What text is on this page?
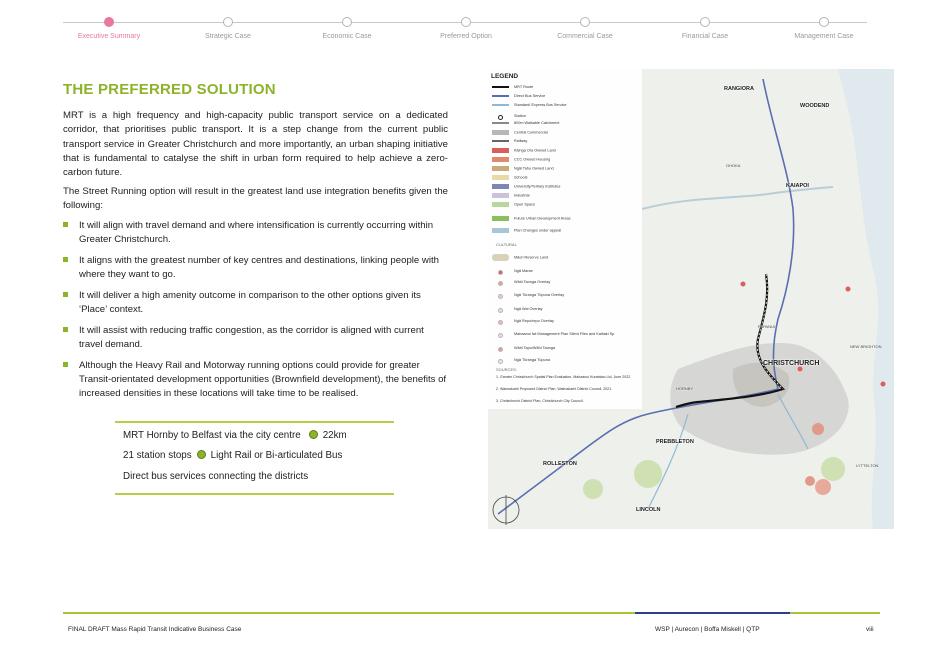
Executive Summary	Strategic Case	Economic Case	Preferred Option	Commercial Case	Financial Case	Management Case
THE PREFERRED SOLUTION

MRT is a high frequency and high-capacity public transport service on a dedicated corridor, that prioritises public transport. It is a step change from the current public transport service in Greater Christchurch and more importantly, an urban shaping initiative that is fundamental to catalyse the shift in urban form required to help achieve a zero-carbon future.

The Street Running option will result in the greatest land use integration benefits given the following:

It will align with travel demand and where intensification is currently occurring within Greater Christchurch.
It aligns with the greatest number of key centres and destinations, linking people with where they want to go.
It will deliver a high amenity outcome in comparison to the other options given its ‘Place’ context.
It will assist with reducing traffic congestion, as the corridor is aligned with current travel demand.
Although the Heavy Rail and Motorway running options could provide for greater Transit-orientated development opportunities (Brownfield development), the benefits of increased densities in these locations will take time to be realised.
MRT Hornby to Belfast via the city centre 22km
21 station stops Light Rail or Bi-articulated Bus
Direct bus services connecting the districts
LEGEND
MRT Route
Direct Bus Service
Standard/ Express Bus Service
Station
800m Walkable Catchment
Central Commercial
Railway
Kāinga Ora Owned Land
CCC Owned Housing
Ngāi Tahu Owned Land
Schools
University/Tertiary Institutes
Industrial
Open Space
Future Urban Development Areas
Plan Changes under appeal
CULTURAL
Māori Reserve Land
Ngā Marae
Wāhi Taonga Overlay
Ngā Tūranga Tūpuna Overlay
Ngā Wai Overlay
Ngā Repo/repo Overlay
Mahaanui Iwi Management Plan Silent Files and Kaitiaki Sp.
Wāhi Tapu/Wāhi Taonga
Ngā Tūranga Tūpuna
SOURCES:
1. Greater Christchurch Spatial Plan Evaluation, Mahaanui Kurataiao Ltd, June 2022.
2. Waimakariri Proposed District Plan, Waimakariri District Council, 2021.
3. Christchurch District Plan, Christchurch City Council.
RANGIORA
WOODEND
KAIAPOI
CHRISTCHURCH
PREBBLETON
ROLLESTON
LINCOLN
OHOKA
PAPANUI
HORNBY
LYTTELTON
NEW BRIGHTON
FINAL DRAFT Mass Rapid Transit Indicative Business Case	WSP | Aurecon | Boffa Miskell | QTP	viii
